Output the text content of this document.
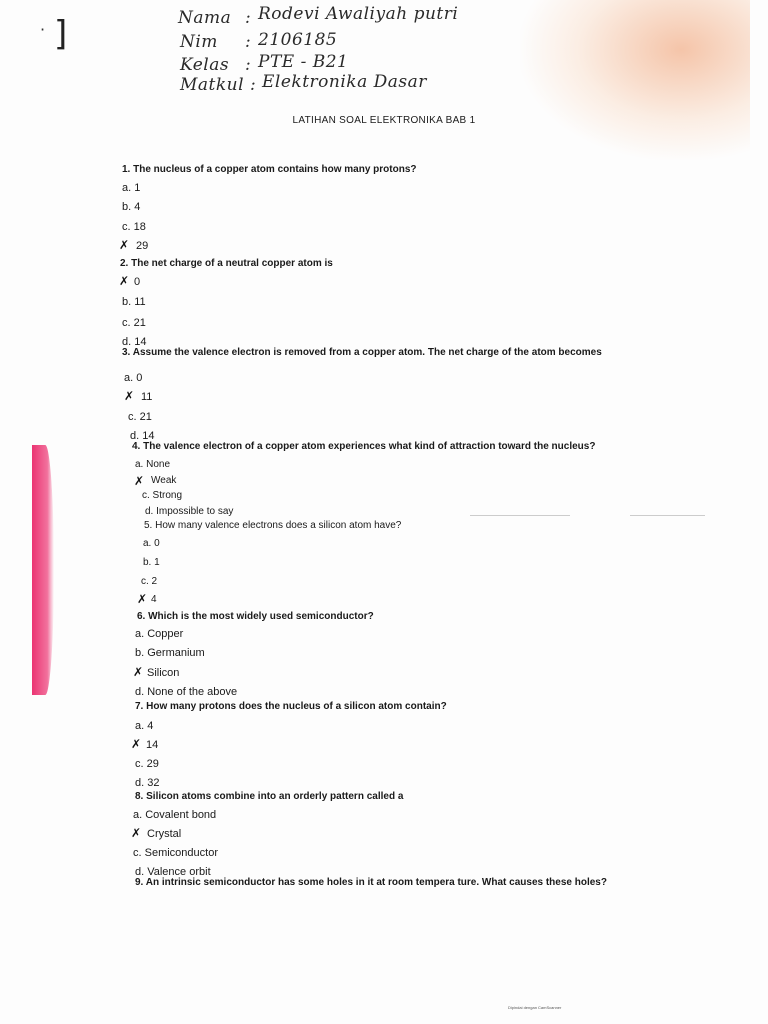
· ]	Nama : Rodevi Awaliyah putri
Nim : 2106185
Kelas : PTE - B21
Matkul : Elektronika Dasar
LATIHAN SOAL ELEKTRONIKA BAB 1
1. The nucleus of a copper atom contains how many protons?
a. 1
b. 4
c. 18
✗ 29
2. The net charge of a neutral copper atom is
✗ 0
b. 11
c. 21
d. 14
3. Assume the valence electron is removed from a copper atom. The net charge of the atom becomes
a. 0
✗ 11
c. 21
d. 14
4. The valence electron of a copper atom experiences what kind of attraction toward the nucleus?
a. None
✗ Weak
c. Strong
d. Impossible to say
5. How many valence electrons does a silicon atom have?
a. 0
b. 1
c. 2
✗ 4
6. Which is the most widely used semiconductor?
a. Copper
b. Germanium
✗ Silicon
d. None of the above
7. How many protons does the nucleus of a silicon atom contain?
a. 4
✗ 14
c. 29
d. 32
8. Silicon atoms combine into an orderly pattern called a
a. Covalent bond
✗ Crystal
c. Semiconductor
d. Valence orbit
9. An intrinsic semiconductor has some holes in it at room tempera ture. What causes these holes?
Dipindai dengan CamScanner
